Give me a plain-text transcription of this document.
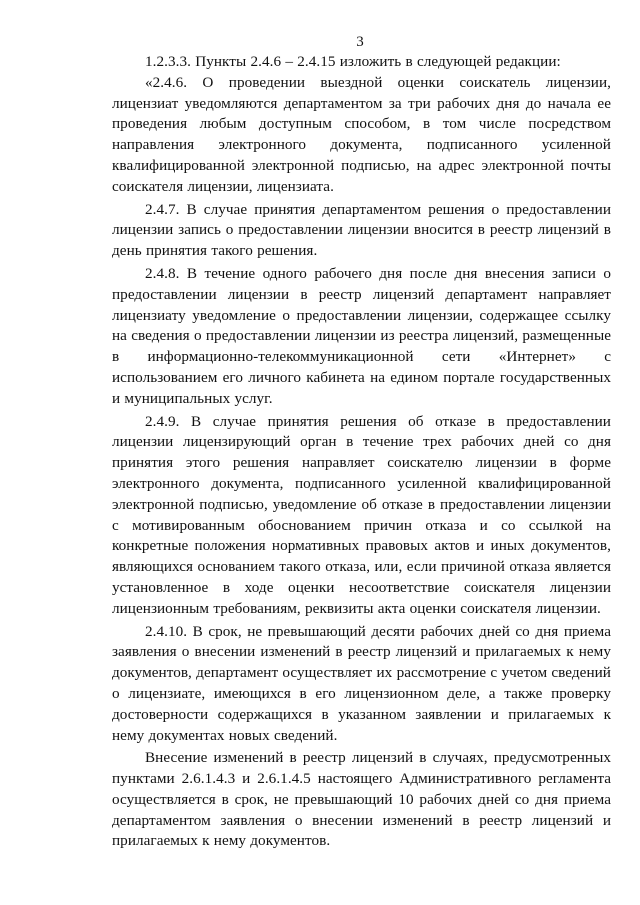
3

1.2.3.3. Пункты 2.4.6 – 2.4.15 изложить в следующей редакции:

«2.4.6. О проведении выездной оценки соискатель лицензии, лицензиат уведомляются департаментом за три рабочих дня до начала ее проведения любым доступным способом, в том числе посредством направления электронного документа, подписанного усиленной квалифицированной электронной подписью, на адрес электронной почты соискателя лицензии, лицензиата.

2.4.7. В случае принятия департаментом решения о предоставлении лицензии запись о предоставлении лицензии вносится в реестр лицензий в день принятия такого решения.

2.4.8. В течение одного рабочего дня после дня внесения записи о предоставлении лицензии в реестр лицензий департамент направляет лицензиату уведомление о предоставлении лицензии, содержащее ссылку на сведения о предоставлении лицензии из реестра лицензий, размещенные в информационно-телекоммуникационной сети «Интернет» с использованием его личного кабинета на едином портале государственных и муниципальных услуг.

2.4.9. В случае принятия решения об отказе в предоставлении лицензии лицензирующий орган в течение трех рабочих дней со дня принятия этого решения направляет соискателю лицензии в форме электронного документа, подписанного усиленной квалифицированной электронной подписью, уведомление об отказе в предоставлении лицензии с мотивированным обоснованием причин отказа и со ссылкой на конкретные положения нормативных правовых актов и иных документов, являющихся основанием такого отказа, или, если причиной отказа является установленное в ходе оценки несоответствие соискателя лицензии лицензионным требованиям, реквизиты акта оценки соискателя лицензии.

2.4.10. В срок, не превышающий десяти рабочих дней со дня приема заявления о внесении изменений в реестр лицензий и прилагаемых к нему документов, департамент осуществляет их рассмотрение с учетом сведений о лицензиате, имеющихся в его лицензионном деле, а также проверку достоверности содержащихся в указанном заявлении и прилагаемых к нему документах новых сведений.

Внесение изменений в реестр лицензий в случаях, предусмотренных пунктами 2.6.1.4.3 и 2.6.1.4.5 настоящего Административного регламента осуществляется в срок, не превышающий 10 рабочих дней со дня приема департаментом заявления о внесении изменений в реестр лицензий и прилагаемых к нему документов.
